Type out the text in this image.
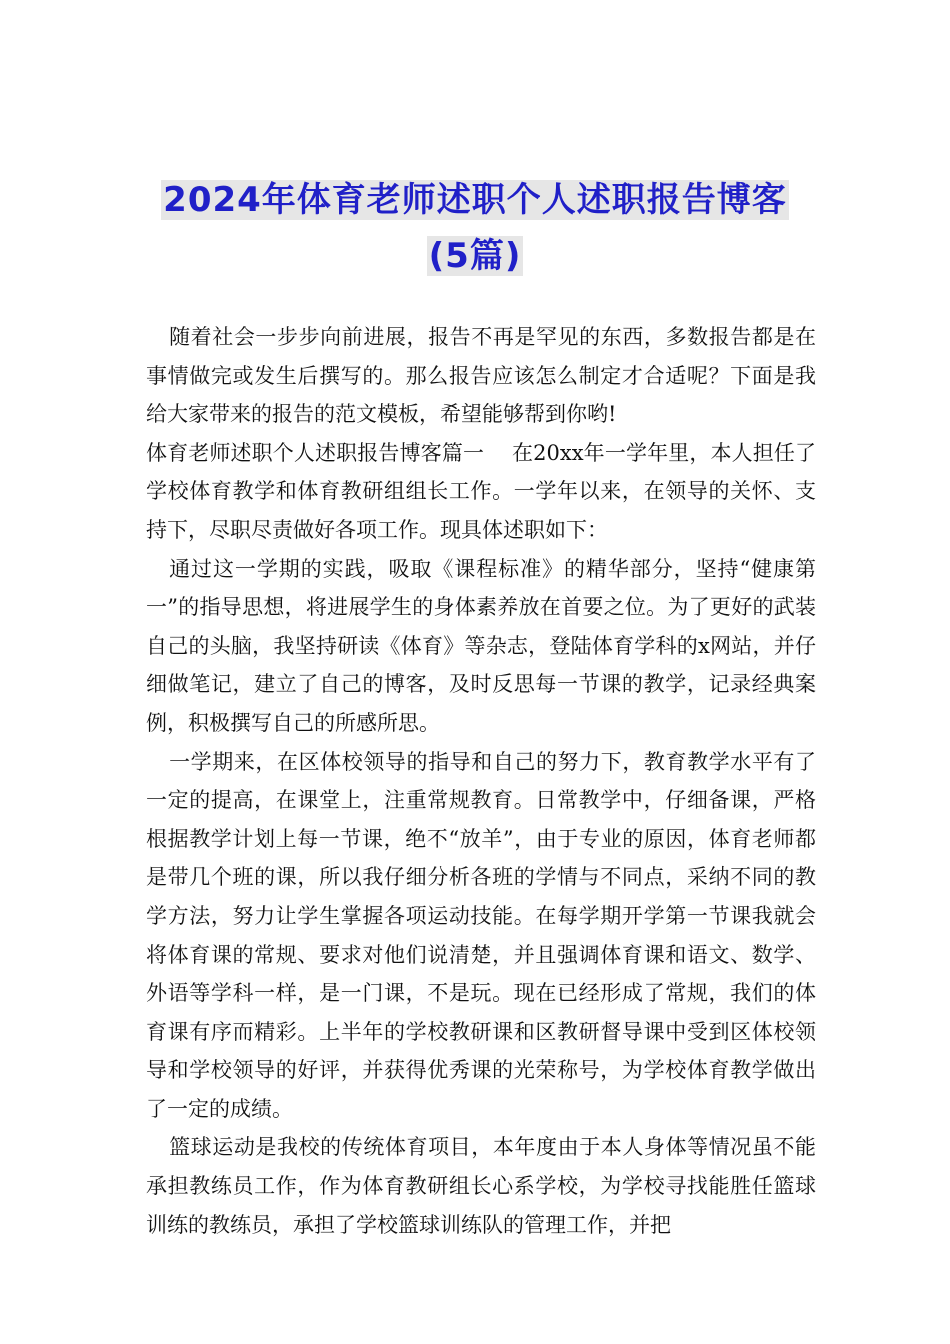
2024年体育老师述职个人述职报告博客
(5篇)

随着社会一步步向前进展，报告不再是罕见的东西，多数报告都是在事情做完或发生后撰写的。那么报告应该怎么制定才合适呢？下面是我给大家带来的报告的范文模板，希望能够帮到你哟!

体育老师述职个人述职报告博客篇一　 在20xx年一学年里，本人担任了学校体育教学和体育教研组组长工作。一学年以来，在领导的关怀、支持下，尽职尽责做好各项工作。现具体述职如下：

通过这一学期的实践，吸取《课程标准》的精华部分，坚持“健康第一”的指导思想，将进展学生的身体素养放在首要之位。为了更好的武装自己的头脑，我坚持研读《体育》等杂志，登陆体育学科的x网站，并仔细做笔记，建立了自己的博客，及时反思每一节课的教学，记录经典案例，积极撰写自己的所感所思。

一学期来，在区体校领导的指导和自己的努力下，教育教学水平有了一定的提高，在课堂上，注重常规教育。日常教学中，仔细备课，严格根据教学计划上每一节课，绝不“放羊”，由于专业的原因，体育老师都是带几个班的课，所以我仔细分析各班的学情与不同点，采纳不同的教学方法，努力让学生掌握各项运动技能。在每学期开学第一节课我就会将体育课的常规、要求对他们说清楚，并且强调体育课和语文、数学、外语等学科一样，是一门课，不是玩。现在已经形成了常规，我们的体育课有序而精彩。上半年的学校教研课和区教研督导课中受到区体校领导和学校领导的好评，并获得优秀课的光荣称号，为学校体育教学做出了一定的成绩。

篮球运动是我校的传统体育项目，本年度由于本人身体等情况虽不能承担教练员工作，作为体育教研组长心系学校，为学校寻找能胜任篮球训练的教练员，承担了学校篮球训练队的管理工作，并把
